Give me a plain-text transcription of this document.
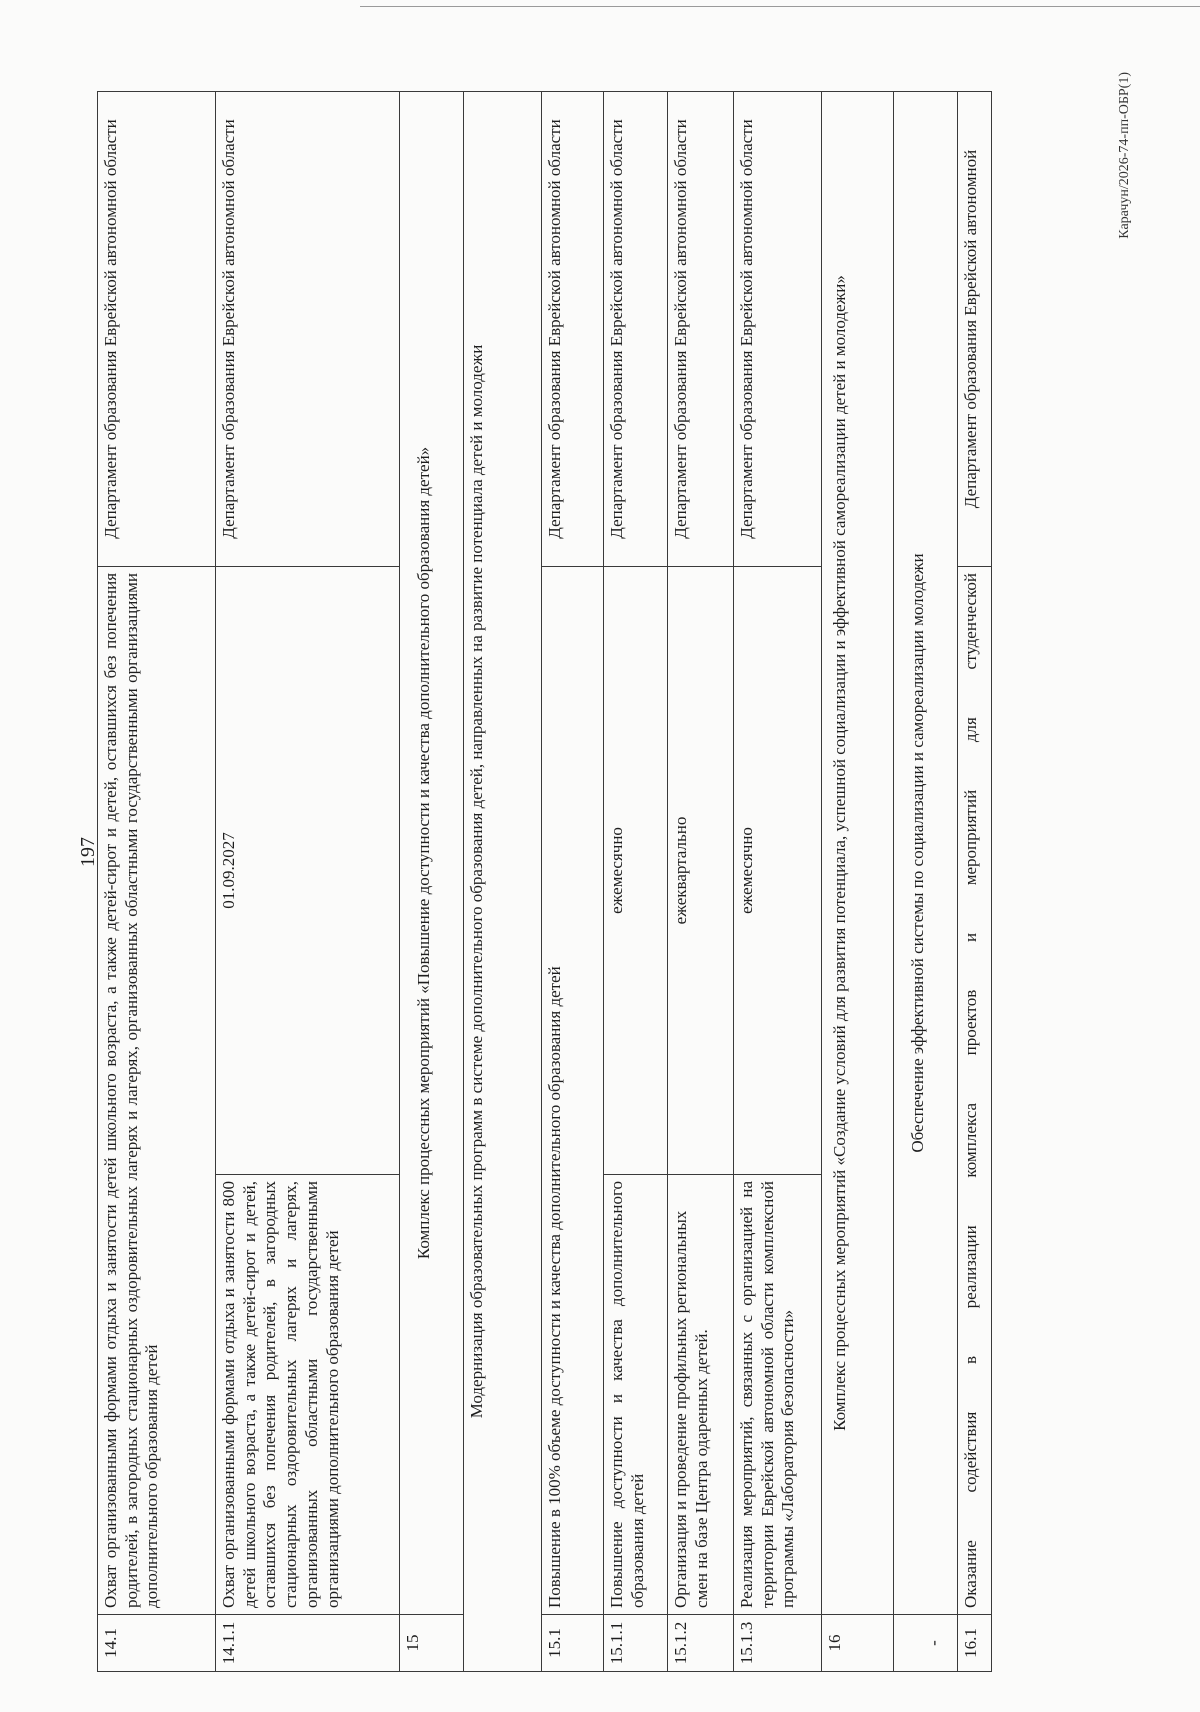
197
14.1	Охват организованными формами отдыха и занятости детей школьного возраста, а также детей-сирот и детей, оставшихся без попечения родителей, в загородных стационарных оздоровительных лагерях и лагерях, организованных областными государственными организациями дополнительного образования детей		Департамент образования Еврейской автономной области
14.1.1	Охват организованными формами отдыха и занятости 800 детей школьного возраста, а также детей-сирот и детей, оставшихся без попечения родителей, в загородных стационарных оздоровительных лагерях и лагерях, организованных областными государственными организациями дополнительного образования детей	01.09.2027	Департамент образования Еврейской автономной области
15	Комплекс процессных мероприятий «Повышение доступности и качества дополнительного образования детей»		
Модернизация образовательных программ в системе дополнительного образования детей, направленных на развитие потенциала детей и молодежи			
15.1	Повышение в 100% объеме доступности и качества дополнительного образования детей		Департамент образования Еврейской автономной области
15.1.1	Повышение доступности и качества дополнительного образования детей	ежемесячно	Департамент образования Еврейской автономной области
15.1.2	Организация и проведение профильных региональных смен на базе Центра одаренных детей.	ежеквартально	Департамент образования Еврейской автономной области
15.1.3	Реализация мероприятий, связанных с организацией на территории Еврейской автономной области комплексной программы «Лаборатория безопасности»	ежемесячно	Департамент образования Еврейской автономной области
16	Комплекс процессных мероприятий «Создание условий для развития потенциала, успешной социализации и эффективной самореализации детей и молодежи»		
-	Обеспечение эффективной системы по социализации и самореализации молодежи		
16.1	Оказание содействия в реализации комплекса проектов и мероприятий для студенческой		Департамент образования Еврейской автономной	Карачун/2026-74-пп-ОБР(1)
